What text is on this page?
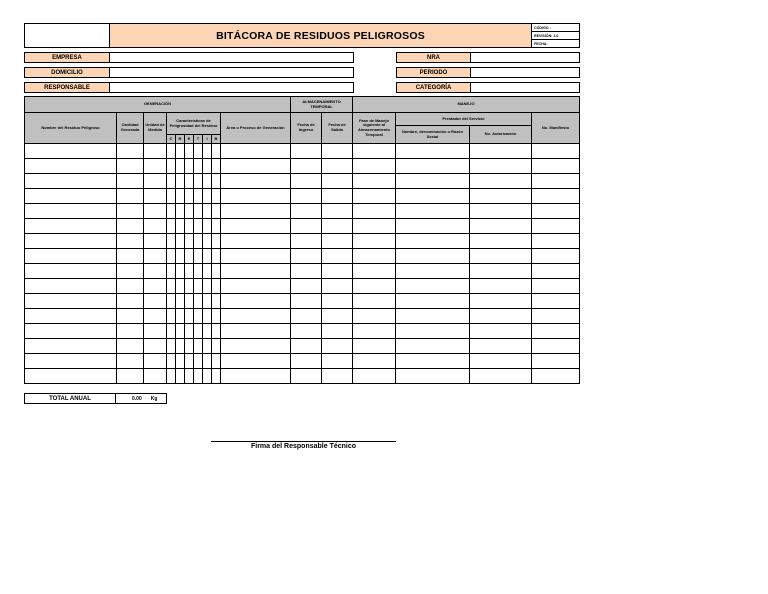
BITÁCORA DE RESIDUOS PELIGROSOS
CÓDIGO :
REVISIÓN: 1.0
FECHA:
EMPRESA	NRA
DOMICILIO	PERIODO
RESPONSABLE	CATEGORÍA
GENERACIÓN										ALMACENAMIENTO TEMPORAL		MANEJO			
Nombre del Residuo Peligroso	Cantidad Generada	Unidad de Medida	Características de Peligrosidad del Residuo						Área o Proceso de Generación	Fecha de Ingreso	Fecha de Salida	Fase de Manejo siguiente al Almacenamiento Temporal	Prestador del Servicio		No. Manifiesto
													Nombre, denominación o Razón Social	No. Autorización	
			C	R	E	T	I	B							

TOTAL ANUAL	0.00 Kg
Firma del Responsable Técnico
